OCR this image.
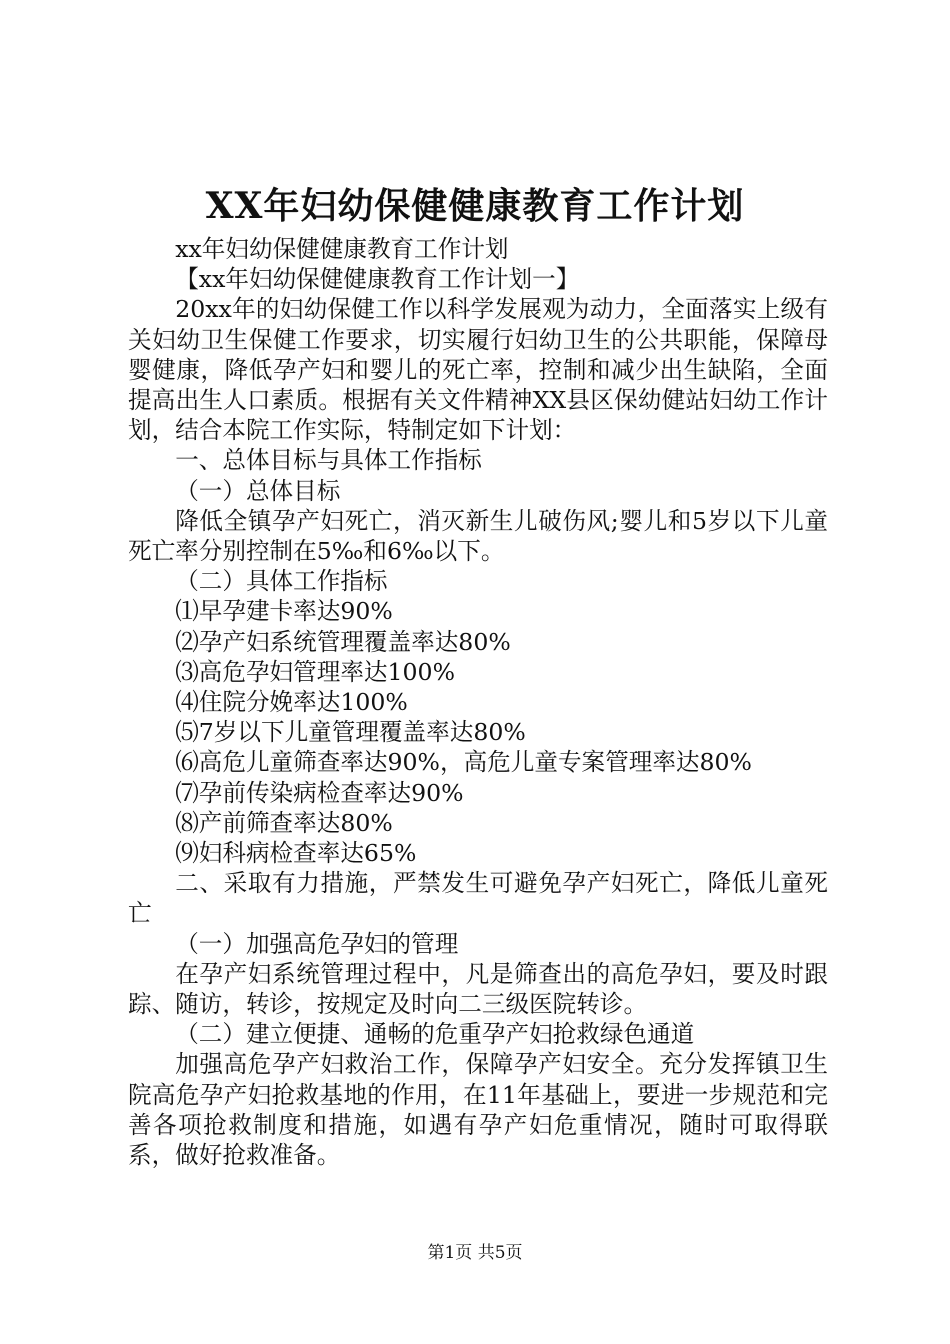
XX年妇幼保健健康教育工作计划

xx年妇幼保健健康教育工作计划

【xx年妇幼保健健康教育工作计划一】

20xx年的妇幼保健工作以科学发展观为动力，全面落实上级有关妇幼卫生保健工作要求，切实履行妇幼卫生的公共职能，保障母婴健康，降低孕产妇和婴儿的死亡率，控制和减少出生缺陷，全面提高出生人口素质。根据有关文件精神XX县区保幼健站妇幼工作计划，结合本院工作实际，特制定如下计划：

一、总体目标与具体工作指标

（一）总体目标

降低全镇孕产妇死亡，消灭新生儿破伤风;婴儿和5岁以下儿童死亡率分别控制在5‰和6‰以下。

（二）具体工作指标

⑴早孕建卡率达90%

⑵孕产妇系统管理覆盖率达80%

⑶高危孕妇管理率达100%

⑷住院分娩率达100%

⑸7岁以下儿童管理覆盖率达80%

⑹高危儿童筛查率达90%，高危儿童专案管理率达80%

⑺孕前传染病检查率达90%

⑻产前筛查率达80%

⑼妇科病检查率达65%

二、采取有力措施，严禁发生可避免孕产妇死亡，降低儿童死亡

（一）加强高危孕妇的管理

在孕产妇系统管理过程中，凡是筛查出的高危孕妇，要及时跟踪、随访，转诊，按规定及时向二三级医院转诊。

（二）建立便捷、通畅的危重孕产妇抢救绿色通道

加强高危孕产妇救治工作，保障孕产妇安全。充分发挥镇卫生院高危孕产妇抢救基地的作用，在11年基础上，要进一步规范和完善各项抢救制度和措施，如遇有孕产妇危重情况，随时可取得联系，做好抢救准备。

第1页 共5页
